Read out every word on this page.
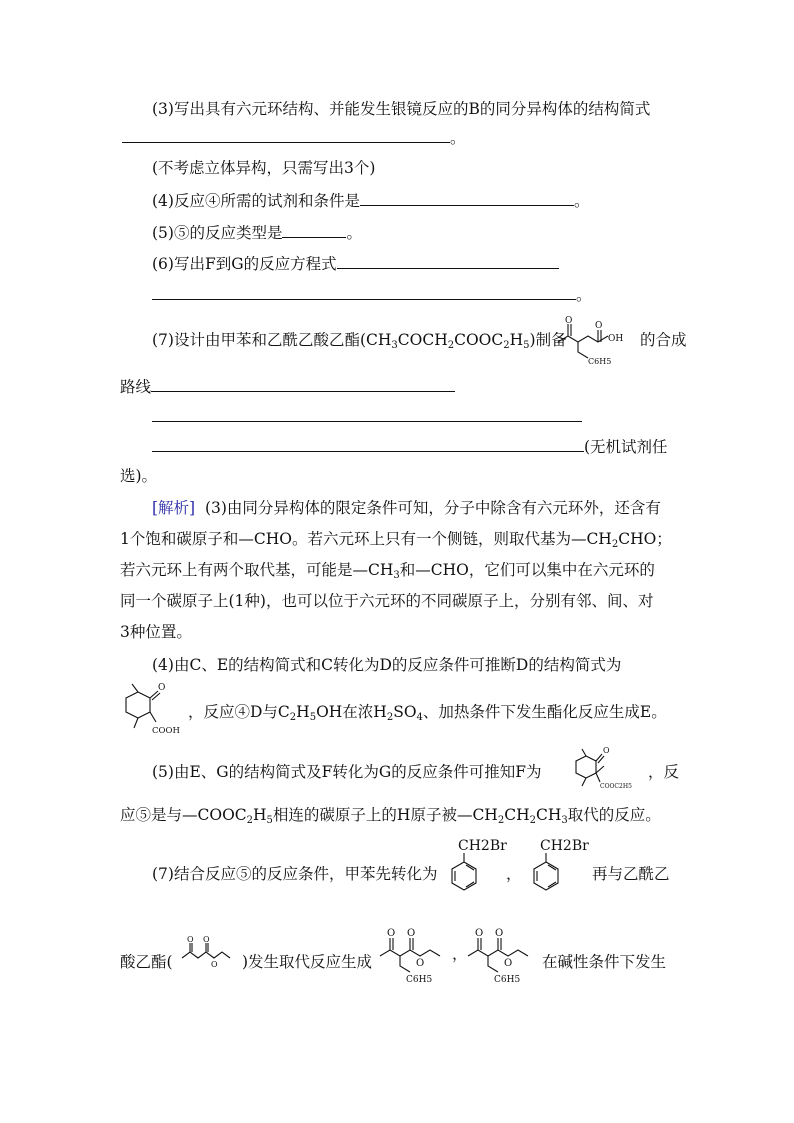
(3)写出具有六元环结构、并能发生银镜反应的B的同分异构体的结构简式
。
(不考虑立体异构，只需写出3个)
(4)反应④所需的试剂和条件是	。
(5)⑤的反应类型是	。
(6)写出F到G的反应方程式
。
(7)设计由甲苯和乙酰乙酸乙酯$(CH_3COCH_2COOC_2H_5)$制备
O	O
OH
C6H5
的合成
路线
(无机试剂任
选)。
[解析] (3)由同分异构体的限定条件可知，分子中除含有六元环外，还含有
1个饱和碳原子和—CHO。若六元环上只有一个侧链，则取代基为$—CH_2CHO$；
若六元环上有两个取代基，可能是$—CH_3$和—CHO，它们可以集中在六元环的
同一个碳原子上(1种)，也可以位于六元环的不同碳原子上，分别有邻、间、对
3种位置。
(4)由C、E的结构简式和C转化为D的反应条件可推断D的结构简式为
O
COOH
，反应④D与$C_2H_5OH$在浓$H_2SO_4$、加热条件下发生酯化反应生成E。
(5)由E、G的结构简式及F转化为G的反应条件可推知F为
O
COOC2H5
，反
应⑤是与$—COOC_2H_5$相连的碳原子上的H原子被$—CH_2CH_2CH_3$取代的反应。
(7)结合反应⑤的反应条件，甲苯先转化为
CH2Br
，
CH2Br
再与乙酰乙
酸乙酯(
O O
O )发生取代反应生成
O O
O
C6H5
，
O O
O
C6H5
在碱性条件下发生
